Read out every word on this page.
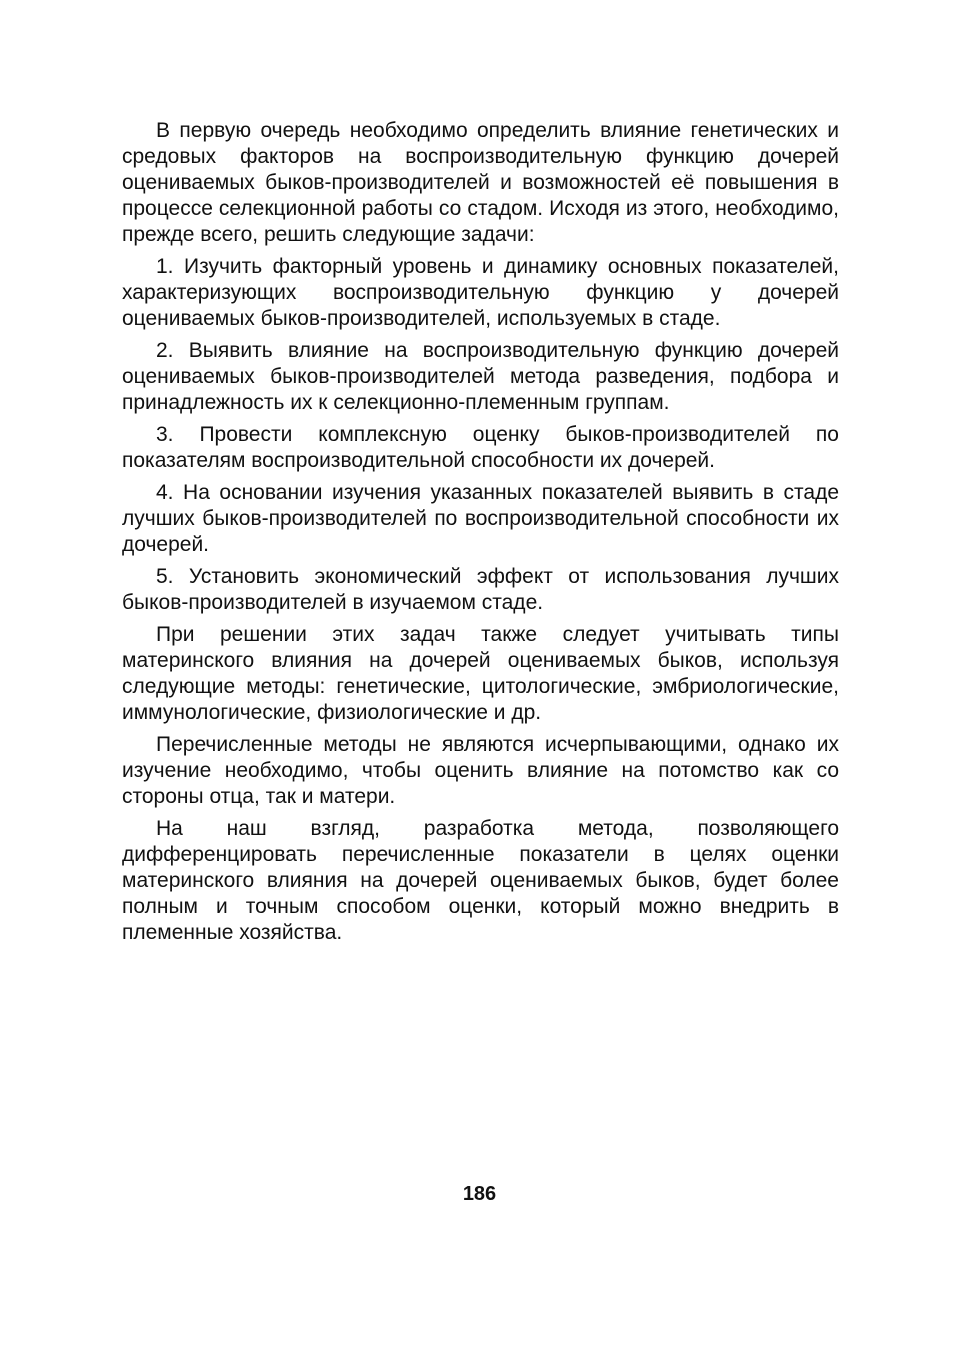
В первую очередь необходимо определить влияние генетических и средовых факторов на воспроизводительную функцию дочерей оцениваемых быков-производителей и возможностей её повышения в процессе селекционной работы со стадом. Исходя из этого, необходимо, прежде всего, решить следующие задачи:

1. Изучить факторный уровень и динамику основных показателей, характеризующих воспроизводительную функцию у дочерей оцениваемых быков-производителей, используемых в стаде.

2. Выявить влияние на воспроизводительную функцию дочерей оцениваемых быков-производителей метода разведения, подбора и принадлежность их к селекционно-племенным группам.

3. Провести комплексную оценку быков-производителей по показателям воспроизводительной способности их дочерей.

4. На основании изучения указанных показателей выявить в стаде лучших быков-производителей по воспроизводительной способности их дочерей.

5. Установить экономический эффект от использования лучших быков-производителей в изучаемом стаде.

При решении этих задач также следует учитывать типы материнского влияния на дочерей оцениваемых быков, используя следующие методы: генетические, цитологические, эмбриологические, иммунологические, физиологические и др.

Перечисленные методы не являются исчерпывающими, однако их изучение необходимо, чтобы оценить влияние на потомство как со стороны отца, так и матери.

На наш взгляд, разработка метода, позволяющего дифференцировать перечисленные показатели в целях оценки материнского влияния на дочерей оцениваемых быков, будет более полным и точным способом оценки, который можно внедрить в племенные хозяйства.

186
